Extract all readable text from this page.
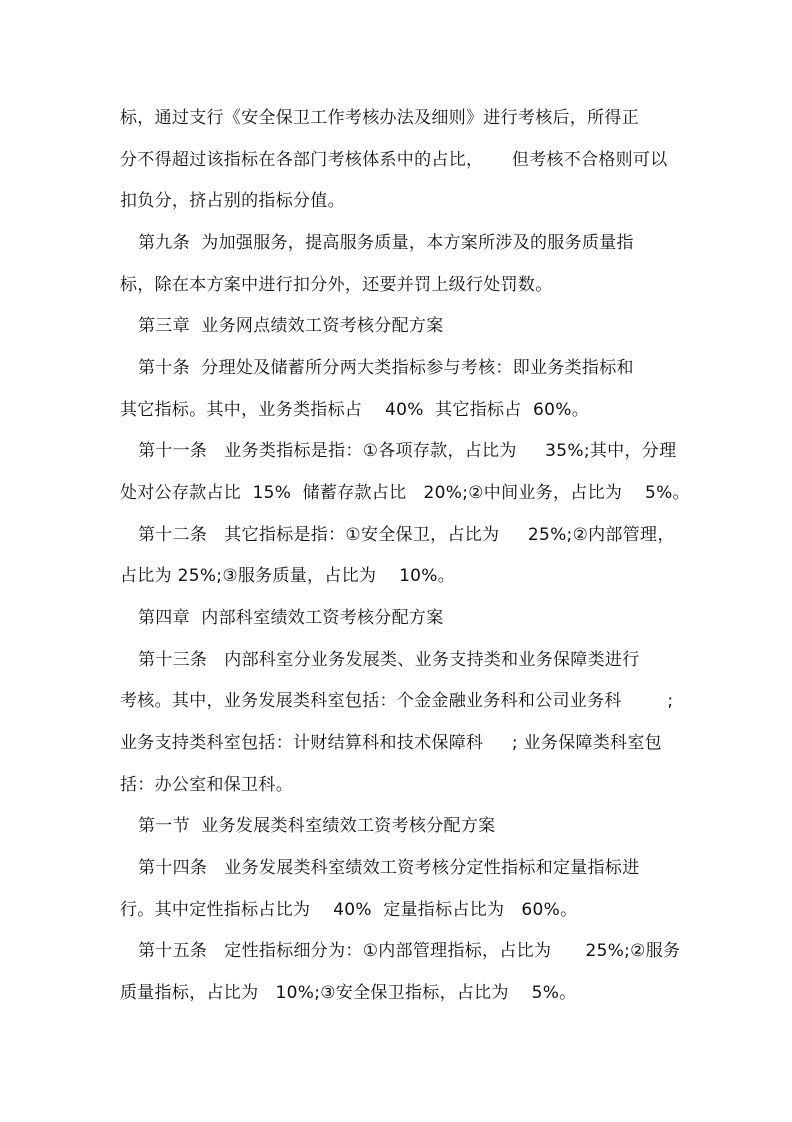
标，通过支行《安全保卫工作考核办法及细则》进行考核后，所得正

分不得超过该指标在各部门考核体系中的占比，     但考核不合格则可以

扣负分，挤占别的指标分值。

第九条  为加强服务，提高服务质量，本方案所涉及的服务质量指

标，除在本方案中进行扣分外，还要并罚上级行处罚数。

第三章  业务网点绩效工资考核分配方案

第十条  分理处及储蓄所分两大类指标参与考核：即业务类指标和

其它指标。其中，业务类指标占    40%  其它指标占  60%。

第十一条   业务类指标是指：①各项存款，占比为     35%;其中，分理

处对公存款占比  15%  储蓄存款占比   20%;②中间业务，占比为    5%。

第十二条   其它指标是指：①安全保卫，占比为     25%;②内部管理，

占比为 25%;③服务质量，占比为    10%。

第四章  内部科室绩效工资考核分配方案

第十三条   内部科室分业务发展类、业务支持类和业务保障类进行

考核。其中，业务发展类科室包括：个金金融业务科和公司业务科        ;

业务支持类科室包括：计财结算科和技术保障科     ; 业务保障类科室包

括：办公室和保卫科。

第一节  业务发展类科室绩效工资考核分配方案

第十四条   业务发展类科室绩效工资考核分定性指标和定量指标进

行。其中定性指标占比为    40%  定量指标占比为   60%。

第十五条   定性指标细分为：①内部管理指标，占比为      25%;②服务

质量指标，占比为   10%;③安全保卫指标，占比为    5%。
